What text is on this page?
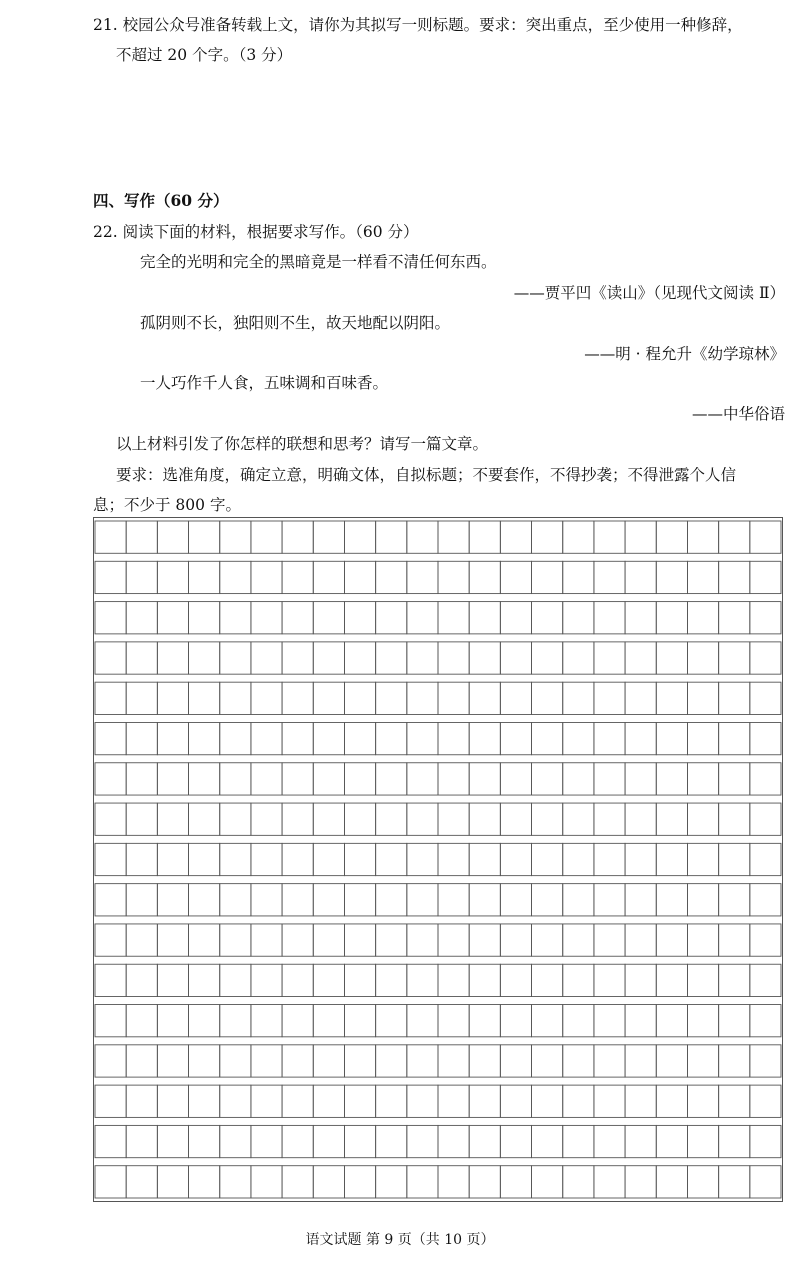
21. 校园公众号准备转载上文，请你为其拟写一则标题。要求：突出重点，至少使用一种修辞，
不超过 20 个字。（3 分）
四、写作（60 分）
22. 阅读下面的材料，根据要求写作。（60 分）
完全的光明和完全的黑暗竟是一样看不清任何东西。
——贾平凹《读山》（见现代文阅读 Ⅱ）
孤阴则不长，独阳则不生，故天地配以阴阳。
——明 · 程允升《幼学琼林》
一人巧作千人食，五味调和百味香。
——中华俗语
以上材料引发了你怎样的联想和思考？请写一篇文章。
要求：选准角度，确定立意，明确文体，自拟标题；不要套作，不得抄袭；不得泄露个人信
息；不少于 800 字。
语文试题 第 9 页（共 10 页）
